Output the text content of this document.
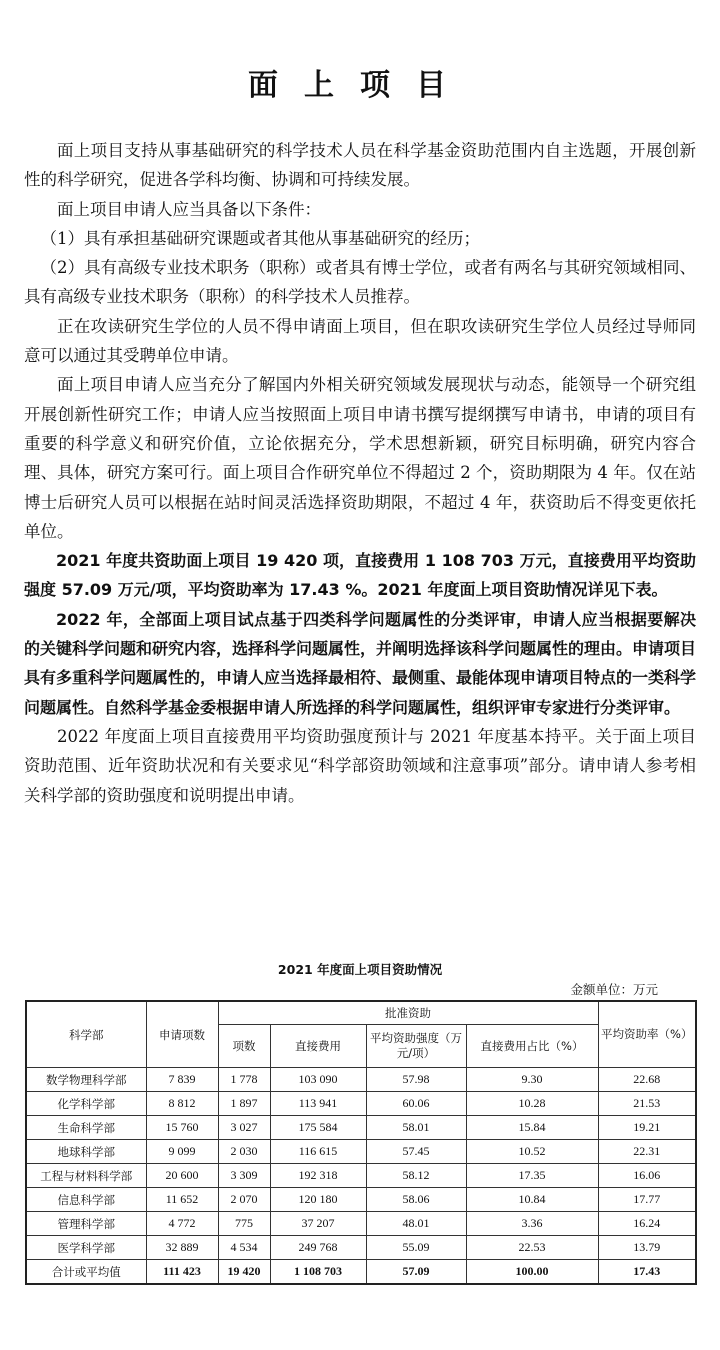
面上项目

面上项目支持从事基础研究的科学技术人员在科学基金资助范围内自主选题，开展创新性的科学研究，促进各学科均衡、协调和可持续发展。

面上项目申请人应当具备以下条件：

（1）具有承担基础研究课题或者其他从事基础研究的经历；

（2）具有高级专业技术职务（职称）或者具有博士学位，或者有两名与其研究领域相同、具有高级专业技术职务（职称）的科学技术人员推荐。

正在攻读研究生学位的人员不得申请面上项目，但在职攻读研究生学位人员经过导师同意可以通过其受聘单位申请。

面上项目申请人应当充分了解国内外相关研究领域发展现状与动态，能领导一个研究组开展创新性研究工作；申请人应当按照面上项目申请书撰写提纲撰写申请书，申请的项目有重要的科学意义和研究价值，立论依据充分，学术思想新颖，研究目标明确，研究内容合理、具体，研究方案可行。面上项目合作研究单位不得超过 2 个，资助期限为 4 年。仅在站博士后研究人员可以根据在站时间灵活选择资助期限，不超过 4 年，获资助后不得变更依托单位。

2021 年度共资助面上项目 19 420 项，直接费用 1 108 703 万元，直接费用平均资助强度 57.09 万元/项，平均资助率为 17.43 %。2021 年度面上项目资助情况详见下表。

2022 年，全部面上项目试点基于四类科学问题属性的分类评审，申请人应当根据要解决的关键科学问题和研究内容，选择科学问题属性，并阐明选择该科学问题属性的理由。申请项目具有多重科学问题属性的，申请人应当选择最相符、最侧重、最能体现申请项目特点的一类科学问题属性。自然科学基金委根据申请人所选择的科学问题属性，组织评审专家进行分类评审。

2022 年度面上项目直接费用平均资助强度预计与 2021 年度基本持平。关于面上项目资助范围、近年资助状况和有关要求见“科学部资助领域和注意事项”部分。请申请人参考相关科学部的资助强度和说明提出申请。

2021 年度面上项目资助情况
金额单位：万元
科学部	申请项数	批准资助				平均资助率（%）
		项数	直接费用	平均资助强度（万元/项）	直接费用占比（%）	
数学物理科学部	7 839	1 778	103 090	57.98	9.30	22.68
化学科学部	8 812	1 897	113 941	60.06	10.28	21.53
生命科学部	15 760	3 027	175 584	58.01	15.84	19.21
地球科学部	9 099	2 030	116 615	57.45	10.52	22.31
工程与材料科学部	20 600	3 309	192 318	58.12	17.35	16.06
信息科学部	11 652	2 070	120 180	58.06	10.84	17.77
管理科学部	4 772	775	37 207	48.01	3.36	16.24
医学科学部	32 889	4 534	249 768	55.09	22.53	13.79
合计或平均值	111 423	19 420	1 108 703	57.09	100.00	17.43
